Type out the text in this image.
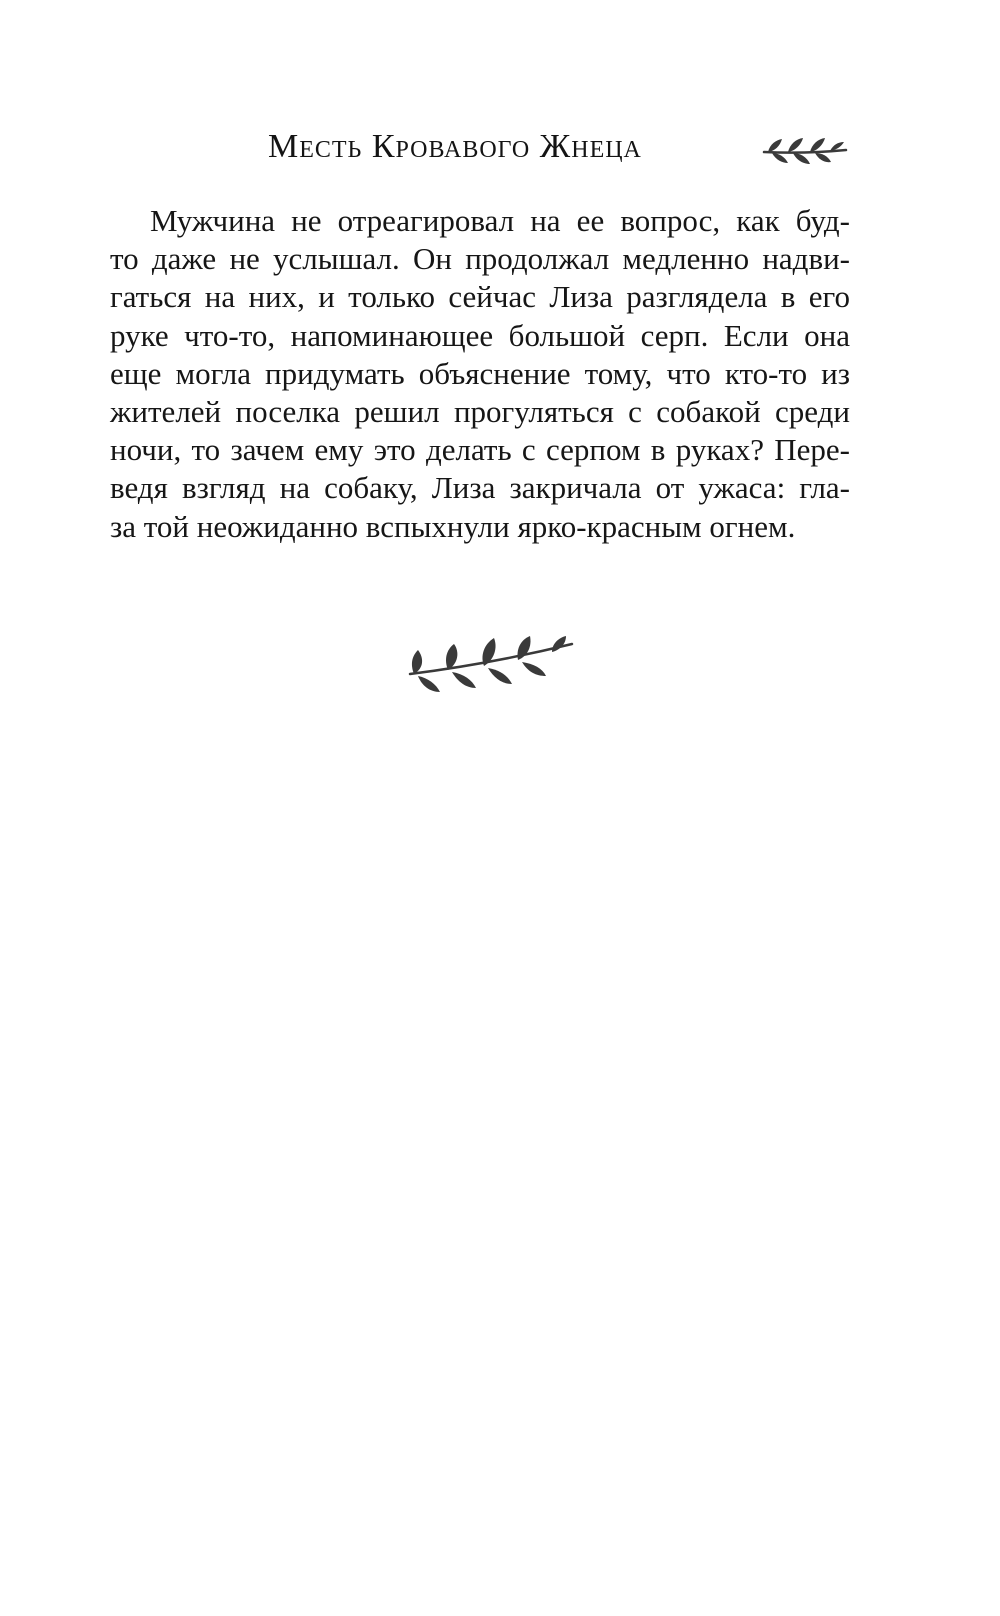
Месть Кровавого Жнеца
Мужчина не отреагировал на ее вопрос, как буд-
то даже не услышал. Он продолжал медленно надви-
гаться на них, и только сейчас Лиза разглядела в его
руке что-то, напоминающее большой серп. Если она
еще могла придумать объяснение тому, что кто-то из
жителей поселка решил прогуляться с собакой среди
ночи, то зачем ему это делать с серпом в руках? Пере-
ведя взгляд на собаку, Лиза закричала от ужаса: гла-
за той неожиданно вспыхнули ярко-красным огнем.
